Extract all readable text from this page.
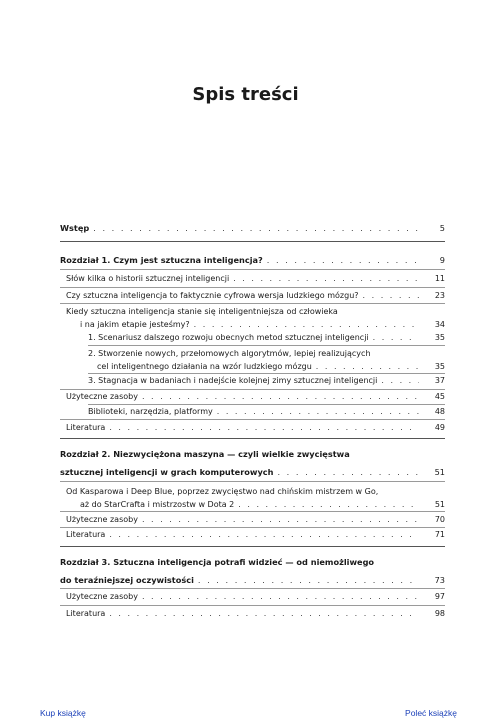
Spis treści
Wstęp . . .	5
Rozdział 1. Czym jest sztuczna inteligencja? . . .	9
Słów kilka o historii sztucznej inteligencji . . .	11
Czy sztuczna inteligencja to faktycznie cyfrowa wersja ludzkiego mózgu? . . .	23
Kiedy sztuczna inteligencja stanie się inteligentniejsza od człowieka
i na jakim etapie jesteśmy? . . .	34
1. Scenariusz dalszego rozwoju obecnych metod sztucznej inteligencji . . .	35
2. Stworzenie nowych, przełomowych algorytmów, lepiej realizujących
cel inteligentnego działania na wzór ludzkiego mózgu . . .	35
3. Stagnacja w badaniach i nadejście kolejnej zimy sztucznej inteligencji . . .	37
Użyteczne zasoby . . .	45
Biblioteki, narzędzia, platformy . . .	48
Literatura . . .	49
Rozdział 2. Niezwyciężona maszyna — czyli wielkie zwycięstwa
sztucznej inteligencji w grach komputerowych . . .	51
Od Kasparowa i Deep Blue, poprzez zwycięstwo nad chińskim mistrzem w Go,
aż do StarCrafta i mistrzostw w Dota 2 . . .	51
Użyteczne zasoby . . .	70
Literatura . . .	71
Rozdział 3. Sztuczna inteligencja potrafi widzieć — od niemożliwego
do teraźniejszej oczywistości . . .	73
Użyteczne zasoby . . .	97
Literatura . . .	98
Kup książkę	Poleć książkę
